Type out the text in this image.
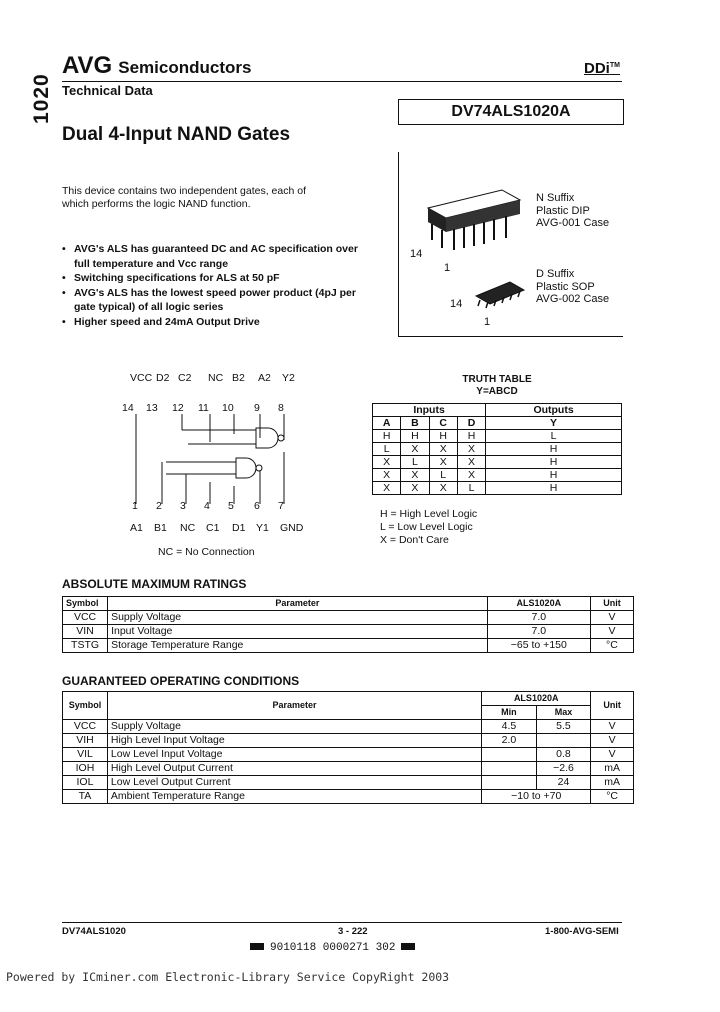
1020
AVG Semiconductors
Technical Data
DDi™
DV74ALS1020A
Dual 4-Input NAND Gates
This device contains two independent gates, each of which performs the logic NAND function.
• AVG's ALS has guaranteed DC and AC specification over full temperature and Vcc range
• Switching specifications for ALS at 50 pF
• AVG's ALS has the lowest speed power product (4pJ per gate typical) of all logic series
• Higher speed and 24mA Output Drive
14
1
N Suffix
Plastic DIP
AVG-001 Case
14
1
D Suffix
Plastic SOP
AVG-002 Case
VCC D2 C2 NC B2 A2 Y2
14 13 12 11 10 9 8
1 2 3 4 5 6 7
A1 B1 NC C1 D1 Y1 GND
NC = No Connection
TRUTH TABLE
Y=ABCD
Inputs				Outputs
A	B	C	D	Y
H	H	H	H	L
L	X	X	X	H
X	L	X	X	H
X	X	L	X	H
X	X	X	L	H
H = High Level Logic
L = Low Level Logic
X = Don't Care
ABSOLUTE MAXIMUM RATINGS
Symbol	Parameter	ALS1020A	Unit
VCC	Supply Voltage	7.0	V
VIN	Input Voltage	7.0	V
TSTG	Storage Temperature Range	−65 to +150	°C
GUARANTEED OPERATING CONDITIONS
Symbol	Parameter	ALS1020A		Unit
		Min	Max	
VCC	Supply Voltage	4.5	5.5	V
VIH	High Level Input Voltage	2.0		V
VIL	Low Level Input Voltage		0.8	V
IOH	High Level Output Current		−2.6	mA
IOL	Low Level Output Current		24	mA
TA	Ambient Temperature Range	−10 to +70		°C
DV74ALS1020	3 - 222	1-800-AVG-SEMI
9010118 0000271 302
Powered by ICminer.com Electronic-Library Service CopyRight 2003
